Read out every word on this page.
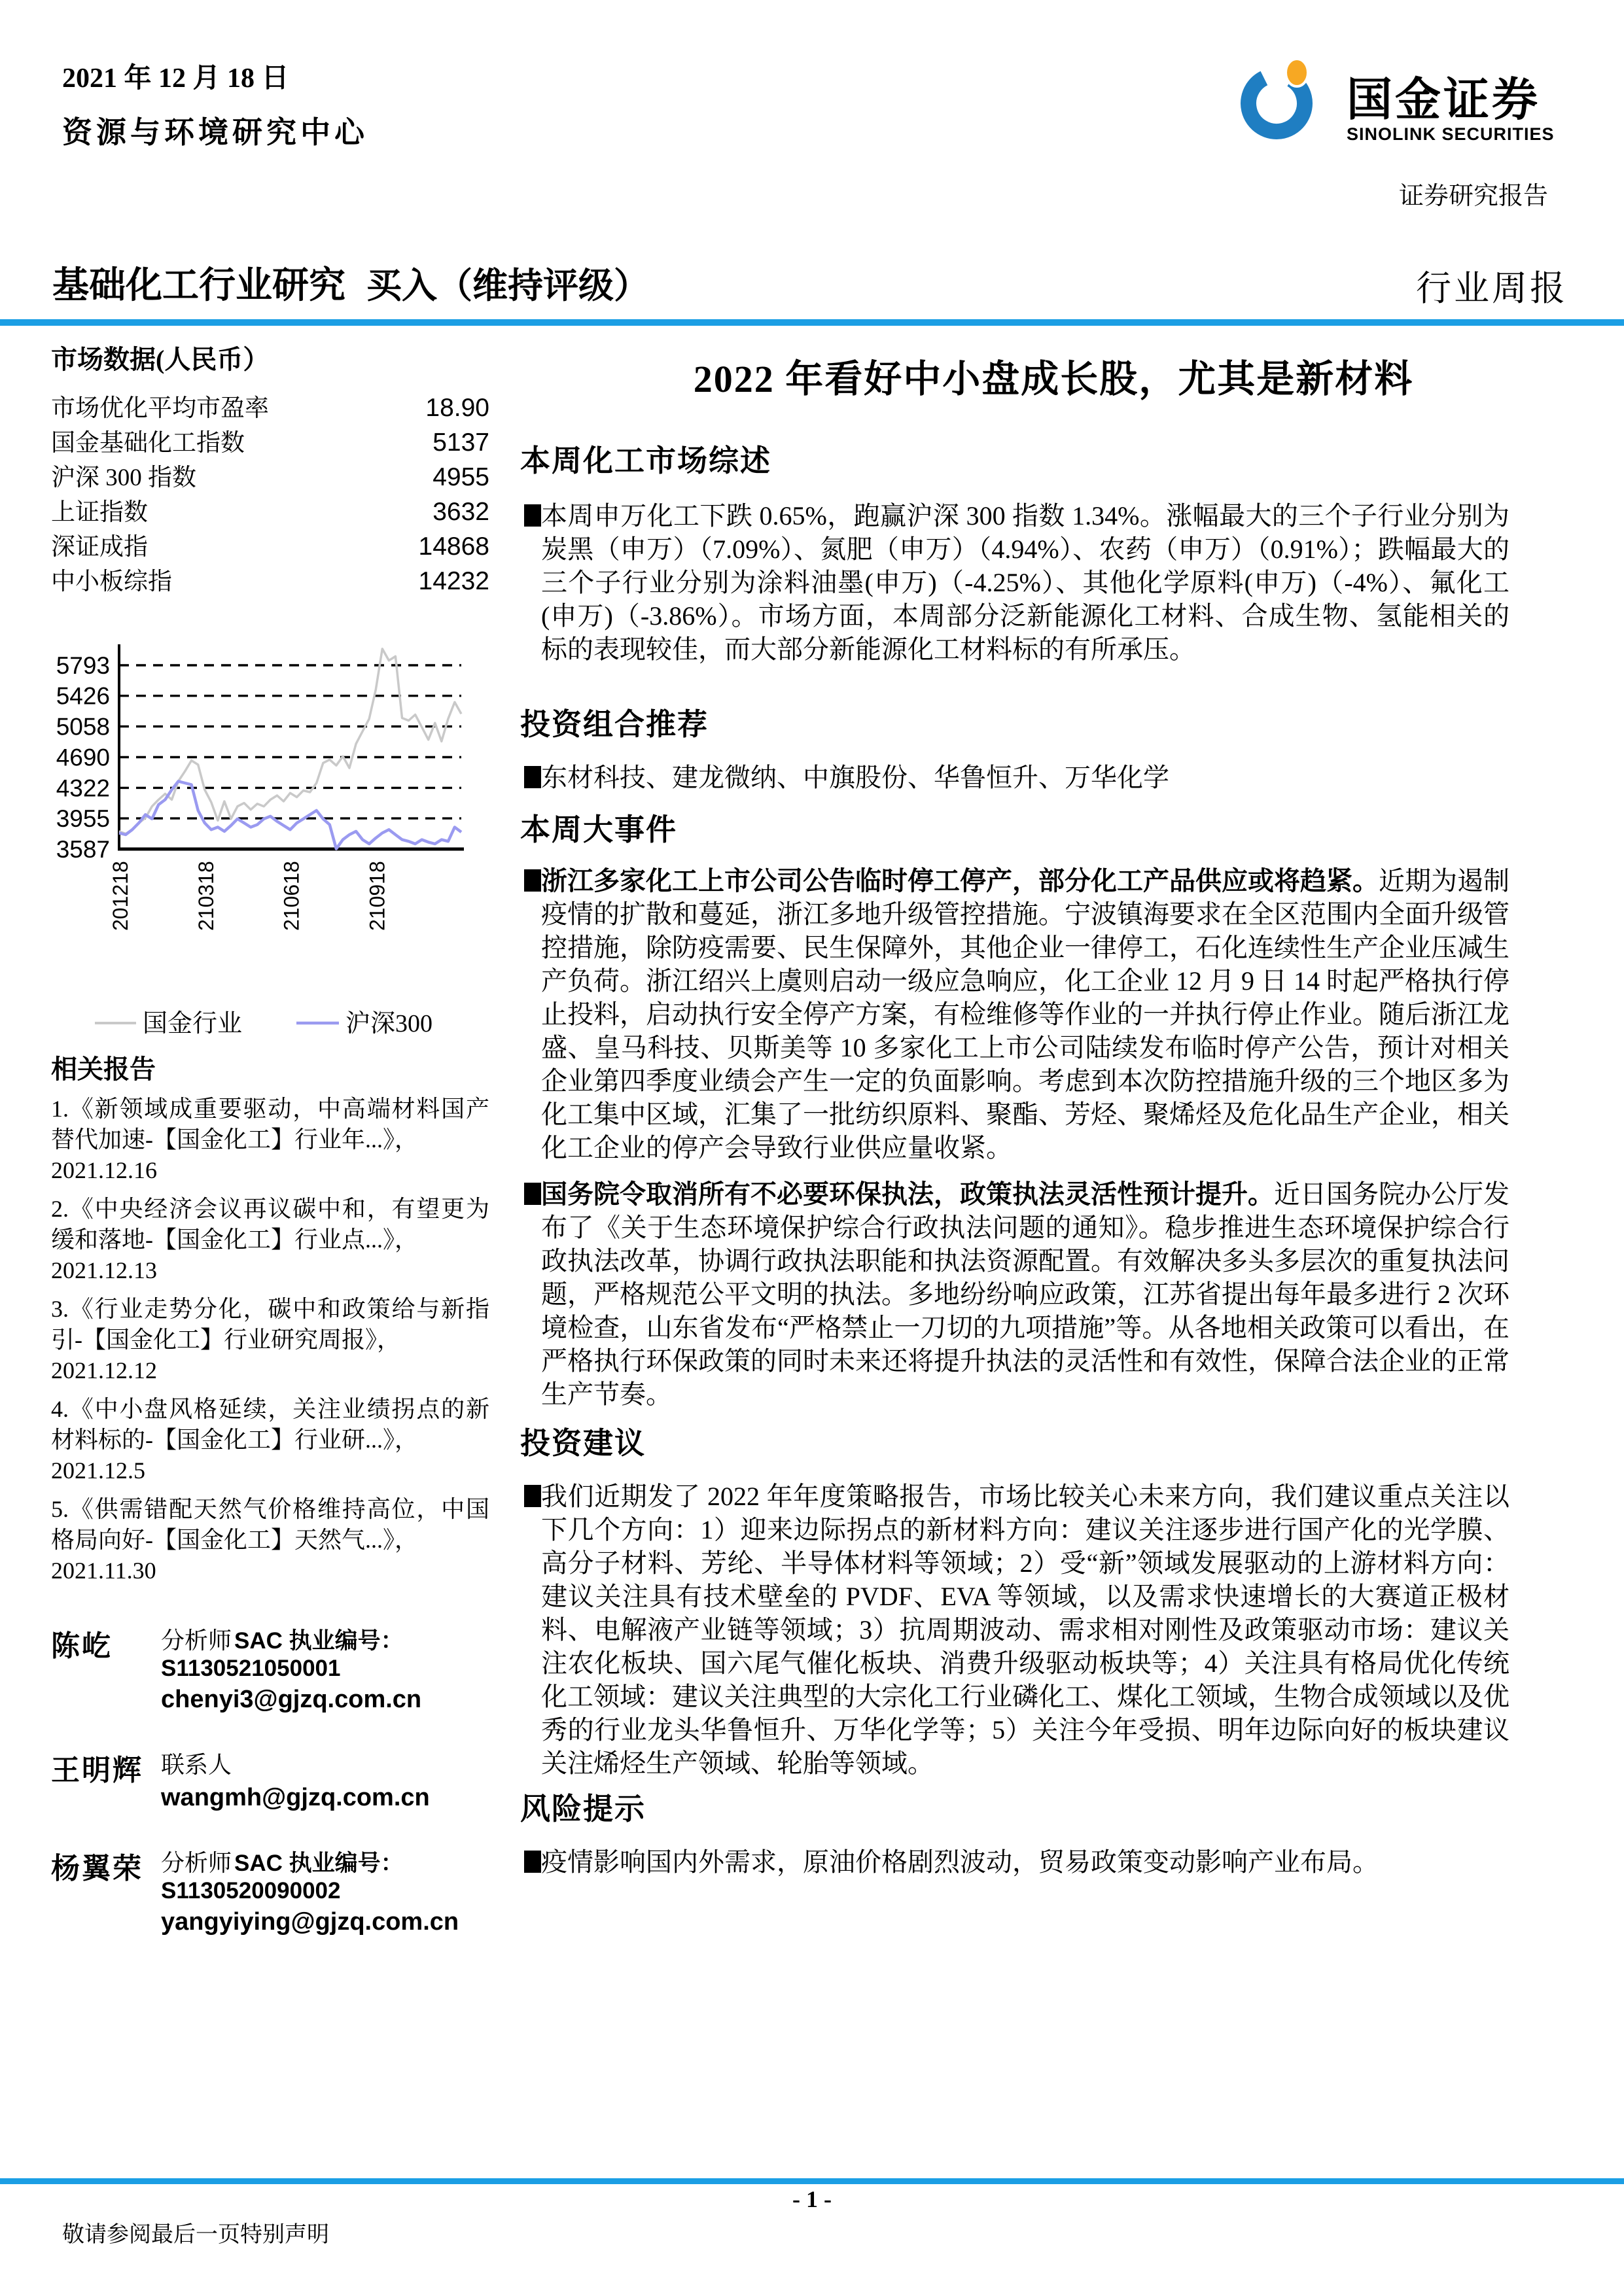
2021 年 12 月 18 日
资源与环境研究中心
国金证券
SINOLINK SECURITIES
证券研究报告
基础化工行业研究 买入（维持评级）	行业周报
市场数据(人民币）
市场优化平均市盈率	18.90
国金基础化工指数	5137
沪深 300 指数	4955
上证指数	3632
深证成指	14868
中小板综指	14232
5793
5426
5058
4690
4322
3955
3587
201218	210318	210618	210918
国金行业	沪深300
相关报告
1.《新领域成重要驱动，中高端材料国产替代加速-【国金化工】行业年...》，
2021.12.16
2.《中央经济会议再议碳中和，有望更为缓和落地-【国金化工】行业点...》，
2021.12.13
3.《行业走势分化，碳中和政策给与新指引-【国金化工】行业研究周报》，
2021.12.12
4.《中小盘风格延续，关注业绩拐点的新材料标的-【国金化工】行业研...》，
2021.12.5
5.《供需错配天然气价格维持高位，中国格局向好-【国金化工】天然气...》，
2021.11.30
陈屹	分析师 SAC 执业编号：S1130521050001
chenyi3@gjzq.com.cn
王明辉 联系人
wangmh@gjzq.com.cn
杨翼荣 分析师 SAC 执业编号：S1130520090002
yangyiying@gjzq.com.cn
2022 年看好中小盘成长股，尤其是新材料
本周化工市场综述

本周申万化工下跌 0.65%，跑赢沪深 300 指数 1.34%。涨幅最大的三个子行业分别为炭黑（申万）（7.09%）、氮肥（申万）（4.94%）、农药（申万）（0.91%）；跌幅最大的三个子行业分别为涂料油墨(申万)（-4.25%）、其他化学原料(申万)（-4%）、氟化工(申万)（-3.86%）。市场方面，本周部分泛新能源化工材料、合成生物、氢能相关的标的表现较佳，而大部分新能源化工材料标的有所承压。

投资组合推荐

东材科技、建龙微纳、中旗股份、华鲁恒升、万华化学

本周大事件

浙江多家化工上市公司公告临时停工停产，部分化工产品供应或将趋紧。近期为遏制疫情的扩散和蔓延，浙江多地升级管控措施。宁波镇海要求在全区范围内全面升级管控措施，除防疫需要、民生保障外，其他企业一律停工，石化连续性生产企业压减生产负荷。浙江绍兴上虞则启动一级应急响应，化工企业 12 月 9 日 14 时起严格执行停止投料，启动执行安全停产方案，有检维修等作业的一并执行停止作业。随后浙江龙盛、皇马科技、贝斯美等 10 多家化工上市公司陆续发布临时停产公告，预计对相关企业第四季度业绩会产生一定的负面影响。考虑到本次防控措施升级的三个地区多为化工集中区域，汇集了一批纺织原料、聚酯、芳烃、聚烯烃及危化品生产企业，相关化工企业的停产会导致行业供应量收紧。

国务院令取消所有不必要环保执法，政策执法灵活性预计提升。近日国务院办公厅发布了《关于生态环境保护综合行政执法问题的通知》。稳步推进生态环境保护综合行政执法改革，协调行政执法职能和执法资源配置。有效解决多头多层次的重复执法问题，严格规范公平文明的执法。多地纷纷响应政策，江苏省提出每年最多进行 2 次环境检查，山东省发布“严格禁止一刀切的九项措施”等。从各地相关政策可以看出，在严格执行环保政策的同时未来还将提升执法的灵活性和有效性，保障合法企业的正常生产节奏。

投资建议

我们近期发了 2022 年年度策略报告，市场比较关心未来方向，我们建议重点关注以下几个方向：1）迎来边际拐点的新材料方向：建议关注逐步进行国产化的光学膜、高分子材料、芳纶、半导体材料等领域；2）受“新”领域发展驱动的上游材料方向：建议关注具有技术壁垒的 PVDF、EVA 等领域，以及需求快速增长的大赛道正极材料、电解液产业链等领域；3）抗周期波动、需求相对刚性及政策驱动市场：建议关注农化板块、国六尾气催化板块、消费升级驱动板块等；4）关注具有格局优化传统化工领域：建议关注典型的大宗化工行业磷化工、煤化工领域，生物合成领域以及优秀的行业龙头华鲁恒升、万华化学等；5）关注今年受损、明年边际向好的板块建议关注烯烃生产领域、轮胎等领域。

风险提示

疫情影响国内外需求，原油价格剧烈波动，贸易政策变动影响产业布局。

- 1 -
敬请参阅最后一页特别声明
